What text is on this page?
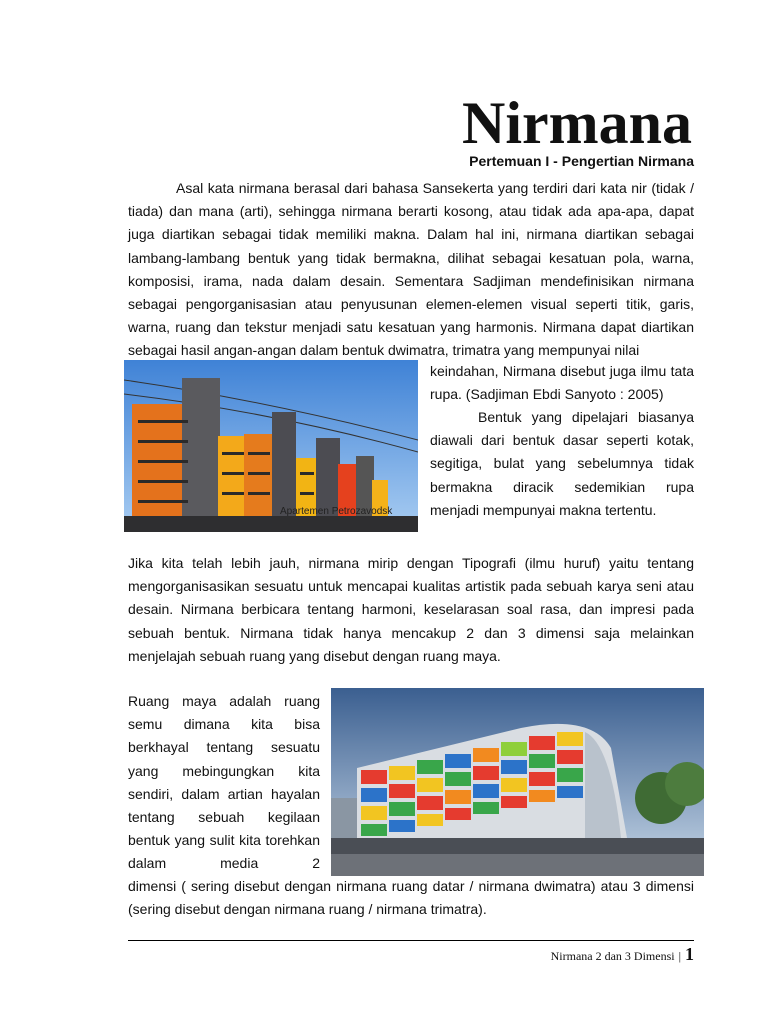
Nirmana
Pertemuan I - Pengertian Nirmana

Asal kata nirmana berasal dari bahasa Sansekerta yang terdiri dari kata nir (tidak / tiada) dan mana (arti), sehingga nirmana berarti kosong, atau tidak ada apa-apa, dapat juga diartikan sebagai tidak memiliki makna. Dalam hal ini, nirmana diartikan sebagai lambang-lambang bentuk yang tidak bermakna, dilihat sebagai kesatuan pola, warna, komposisi, irama, nada dalam desain. Sementara Sadjiman mendefinisikan nirmana sebagai pengorganisasian atau penyusunan elemen-elemen visual seperti titik, garis, warna, ruang dan tekstur menjadi satu kesatuan yang harmonis. Nirmana dapat diartikan sebagai hasil angan-angan dalam bentuk dwimatra, trimatra yang mempunyai nilai

Apartemen Petrozavodsk

keindahan, Nirmana disebut juga ilmu tata rupa. (Sadjiman Ebdi Sanyoto : 2005)

Bentuk yang dipelajari biasanya diawali dari bentuk dasar seperti kotak, segitiga, bulat yang sebelumnya tidak bermakna diracik sedemikian rupa menjadi mempunyai makna tertentu.

Jika kita telah lebih jauh, nirmana mirip dengan Tipografi (ilmu huruf) yaitu tentang mengorganisasikan sesuatu untuk mencapai kualitas artistik pada sebuah karya seni atau desain. Nirmana berbicara tentang harmoni, keselarasan soal rasa, dan impresi pada sebuah bentuk. Nirmana tidak hanya mencakup 2 dan 3 dimensi saja melainkan menjelajah sebuah ruang yang disebut dengan ruang maya.

Ruang maya adalah ruang semu dimana kita bisa berkhayal tentang sesuatu yang mebingungkan kita sendiri, dalam artian hayalan tentang sebuah kegilaan bentuk yang sulit kita torehkan dalam media 2

dimensi ( sering disebut dengan nirmana ruang datar / nirmana dwimatra) atau 3 dimensi (sering disebut dengan nirmana ruang / nirmana trimatra).

Nirmana 2 dan 3 Dimensi | 1
